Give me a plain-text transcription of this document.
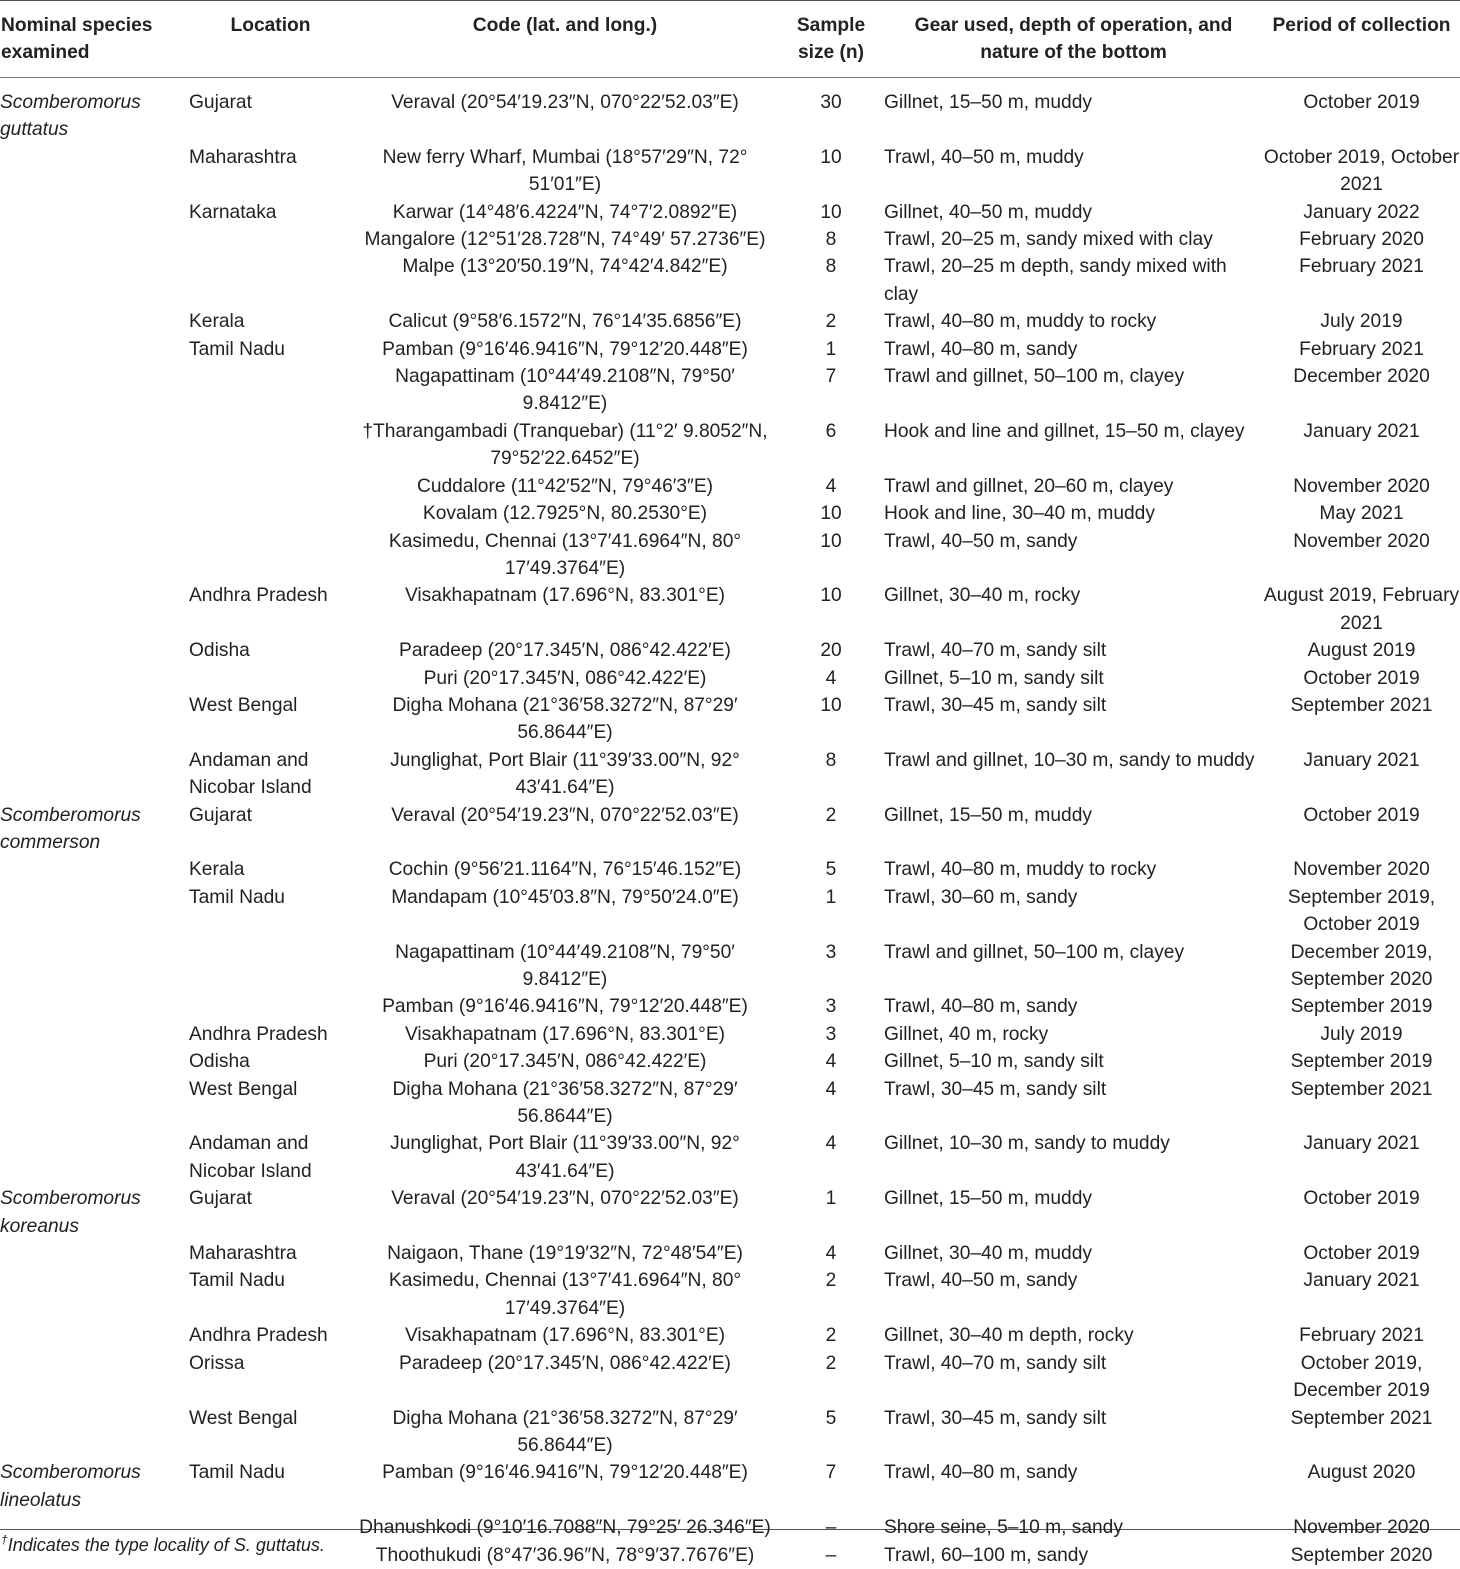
Nominal species examined	Location	Code (lat. and long.)	Sample size (n)	Gear used, depth of operation, and nature of the bottom	Period of collection
Scomberomorus guttatus	Gujarat	Veraval (20°54′19.23″N, 070°22′52.03″E)	30	Gillnet, 15–50 m, muddy	October 2019
	Maharashtra	New ferry Wharf, Mumbai (18°57′29″N, 72° 51′01″E)	10	Trawl, 40–50 m, muddy	October 2019, October 2021
	Karnataka	Karwar (14°48′6.4224″N, 74°7′2.0892″E)	10	Gillnet, 40–50 m, muddy	January 2022
		Mangalore (12°51′28.728″N, 74°49′ 57.2736″E)	8	Trawl, 20–25 m, sandy mixed with clay	February 2020
		Malpe (13°20′50.19″N, 74°42′4.842″E)	8	Trawl, 20–25 m depth, sandy mixed with clay	February 2021
	Kerala	Calicut (9°58′6.1572″N, 76°14′35.6856″E)	2	Trawl, 40–80 m, muddy to rocky	July 2019
	Tamil Nadu	Pamban (9°16′46.9416″N, 79°12′20.448″E)	1	Trawl, 40–80 m, sandy	February 2021
		Nagapattinam (10°44′49.2108″N, 79°50′ 9.8412″E)	7	Trawl and gillnet, 50–100 m, clayey	December 2020
		†Tharangambadi (Tranquebar) (11°2′ 9.8052″N, 79°52′22.6452″E)	6	Hook and line and gillnet, 15–50 m, clayey	January 2021
		Cuddalore (11°42′52″N, 79°46′3″E)	4	Trawl and gillnet, 20–60 m, clayey	November 2020
		Kovalam (12.7925°N, 80.2530°E)	10	Hook and line, 30–40 m, muddy	May 2021
		Kasimedu, Chennai (13°7′41.6964″N, 80° 17′49.3764″E)	10	Trawl, 40–50 m, sandy	November 2020
	Andhra Pradesh	Visakhapatnam (17.696°N, 83.301°E)	10	Gillnet, 30–40 m, rocky	August 2019, February 2021
	Odisha	Paradeep (20°17.345′N, 086°42.422′E)	20	Trawl, 40–70 m, sandy silt	August 2019
		Puri (20°17.345′N, 086°42.422′E)	4	Gillnet, 5–10 m, sandy silt	October 2019
	West Bengal	Digha Mohana (21°36′58.3272″N, 87°29′ 56.8644″E)	10	Trawl, 30–45 m, sandy silt	September 2021
	Andaman and Nicobar Island	Junglighat, Port Blair (11°39′33.00″N, 92° 43′41.64″E)	8	Trawl and gillnet, 10–30 m, sandy to muddy	January 2021
Scomberomorus commerson	Gujarat	Veraval (20°54′19.23″N, 070°22′52.03″E)	2	Gillnet, 15–50 m, muddy	October 2019
	Kerala	Cochin (9°56′21.1164″N, 76°15′46.152″E)	5	Trawl, 40–80 m, muddy to rocky	November 2020
	Tamil Nadu	Mandapam (10°45′03.8″N, 79°50′24.0″E)	1	Trawl, 30–60 m, sandy	September 2019, October 2019
		Nagapattinam (10°44′49.2108″N, 79°50′ 9.8412″E)	3	Trawl and gillnet, 50–100 m, clayey	December 2019, September 2020
		Pamban (9°16′46.9416″N, 79°12′20.448″E)	3	Trawl, 40–80 m, sandy	September 2019
	Andhra Pradesh	Visakhapatnam (17.696°N, 83.301°E)	3	Gillnet, 40 m, rocky	July 2019
	Odisha	Puri (20°17.345′N, 086°42.422′E)	4	Gillnet, 5–10 m, sandy silt	September 2019
	West Bengal	Digha Mohana (21°36′58.3272″N, 87°29′ 56.8644″E)	4	Trawl, 30–45 m, sandy silt	September 2021
	Andaman and Nicobar Island	Junglighat, Port Blair (11°39′33.00″N, 92° 43′41.64″E)	4	Gillnet, 10–30 m, sandy to muddy	January 2021
Scomberomorus koreanus	Gujarat	Veraval (20°54′19.23″N, 070°22′52.03″E)	1	Gillnet, 15–50 m, muddy	October 2019
	Maharashtra	Naigaon, Thane (19°19′32″N, 72°48′54″E)	4	Gillnet, 30–40 m, muddy	October 2019
	Tamil Nadu	Kasimedu, Chennai (13°7′41.6964″N, 80° 17′49.3764″E)	2	Trawl, 40–50 m, sandy	January 2021
	Andhra Pradesh	Visakhapatnam (17.696°N, 83.301°E)	2	Gillnet, 30–40 m depth, rocky	February 2021
	Orissa	Paradeep (20°17.345′N, 086°42.422′E)	2	Trawl, 40–70 m, sandy silt	October 2019, December 2019
	West Bengal	Digha Mohana (21°36′58.3272″N, 87°29′ 56.8644″E)	5	Trawl, 30–45 m, sandy silt	September 2021
Scomberomorus lineolatus	Tamil Nadu	Pamban (9°16′46.9416″N, 79°12′20.448″E)	7	Trawl, 40–80 m, sandy	August 2020
		Dhanushkodi (9°10′16.7088″N, 79°25′ 26.346″E)	–	Shore seine, 5–10 m, sandy	November 2020
		Thoothukudi (8°47′36.96″N, 78°9′37.7676″E)	–	Trawl, 60–100 m, sandy	September 2020
†Indicates the type locality of S. guttatus.
